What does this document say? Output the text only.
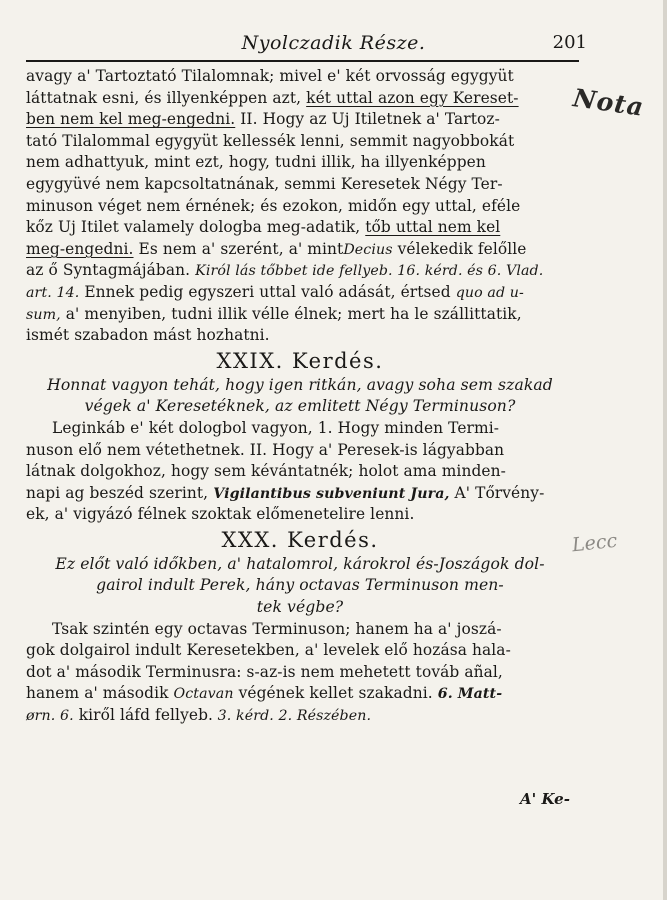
Nyolczadik Része.	201
avagy a' Tartoztató Tilalomnak; mivel e' két orvosság egygyüt
láttatnak esni, és illyenképpen azt, két uttal azon egy Kereset-
ben nem kel meg-engedni. II. Hogy az Uj Itiletnek a' Tartoz-
tató Tilalommal egygyüt kellessék lenni, semmit nagyobbokát
nem adhattyuk, mint ezt, hogy, tudni illik, ha illyenképpen
egygyüvé nem kapcsoltatnának, semmi Keresetek Négy Ter-
minuson véget nem érnének; és ezokon, midőn egy uttal, eféle
kőz Uj Itilet valamely dologba meg-adatik, tőb uttal nem kel
meg-engedni. Es nem a' szerént, a' mintDecius vélekedik felőlle
az ő Syntagmájában. Kiról lás tőbbet ide fellyeb. 16. kérd. és 6. Vlad.
art. 14. Ennek pedig egyszeri uttal való adását, értsed quo ad u-
sum, a' menyiben, tudni illik vélle élnek; mert ha le szállittatik,
ismét szabadon mást hozhatni.
XXIX. Kerdés.
Honnat vagyon tehát, hogy igen ritkán, avagy soha sem szakad
végek a' Keresetéknek, az emlitett Négy Terminuson?
Leginkáb e' két dologbol vagyon, 1. Hogy minden Termi-
nuson elő nem vétethetnek. II. Hogy a' Peresek-is lágyabban
látnak dolgokhoz, hogy sem kévántatnék; holot ama minden-
napi ag beszéd szerint, Vigilantibus subveniunt Jura, A' Tőrvény-
ek, a' vigyázó félnek szoktak előmenetelire lenni.
XXX. Kerdés.
Ez előt való időkben, a' hatalomrol, károkrol és-Joszágok dol-
gairol indult Perek, hány octavas Terminuson men-
tek végbe?
Tsak szintén egy octavas Terminuson; hanem ha a' joszá-
gok dolgairol indult Keresetekben, a' levelek elő hozása hala-
dot a' második Terminusra: s-az-is nem mehetett továb añal,
hanem a' második Octavan végének kellet szakadni. 6. Matt-
ørn. 6. kiről láfd fellyeb. 3. kérd. 2. Részében.
Nota
Lecc
A' Ke-
